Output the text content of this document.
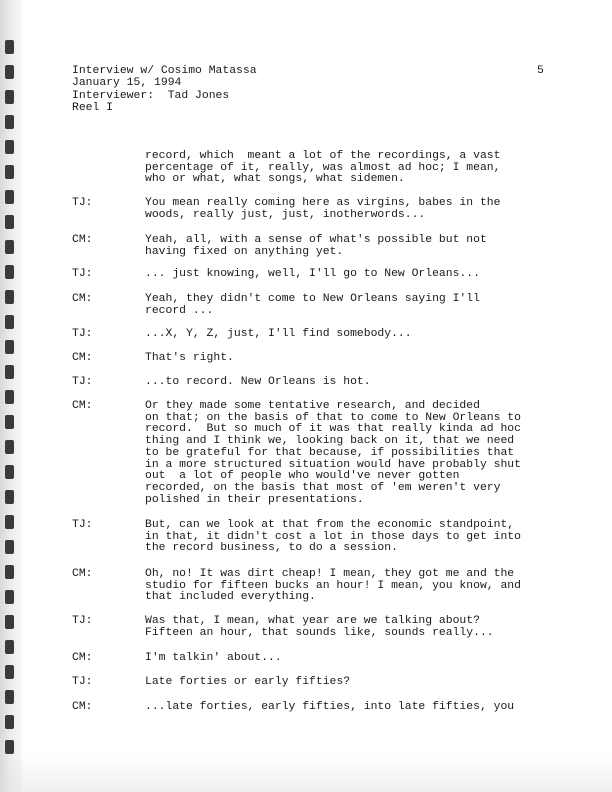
Interview w/ Cosimo Matassa
January 15, 1994
Interviewer:  Tad Jones
Reel I
5
record, which  meant a lot of the recordings, a vast
percentage of it, really, was almost ad hoc; I mean,
who or what, what songs, what sidemen.
TJ:	You mean really coming here as virgins, babes in the
woods, really just, just, inotherwords...
CM:	Yeah, all, with a sense of what's possible but not
having fixed on anything yet.
TJ:	... just knowing, well, I'll go to New Orleans...
CM:	Yeah, they didn't come to New Orleans saying I'll
record ...
TJ:	...X, Y, Z, just, I'll find somebody...
CM:	That's right.
TJ:	...to record. New Orleans is hot.
CM:	Or they made some tentative research, and decided
on that; on the basis of that to come to New Orleans to
record.  But so much of it was that really kinda ad hoc
thing and I think we, looking back on it, that we need
to be grateful for that because, if possibilities that
in a more structured situation would have probably shut
out  a lot of people who would've never gotten
recorded, on the basis that most of 'em weren't very
polished in their presentations.
TJ:	But, can we look at that from the economic standpoint,
in that, it didn't cost a lot in those days to get into
the record business, to do a session.
CM:	Oh, no! It was dirt cheap! I mean, they got me and the
studio for fifteen bucks an hour! I mean, you know, and
that included everything.
TJ:	Was that, I mean, what year are we talking about?
Fifteen an hour, that sounds like, sounds really...
CM:	I'm talkin' about...
TJ:	Late forties or early fifties?
CM:	...late forties, early fifties, into late fifties, you
